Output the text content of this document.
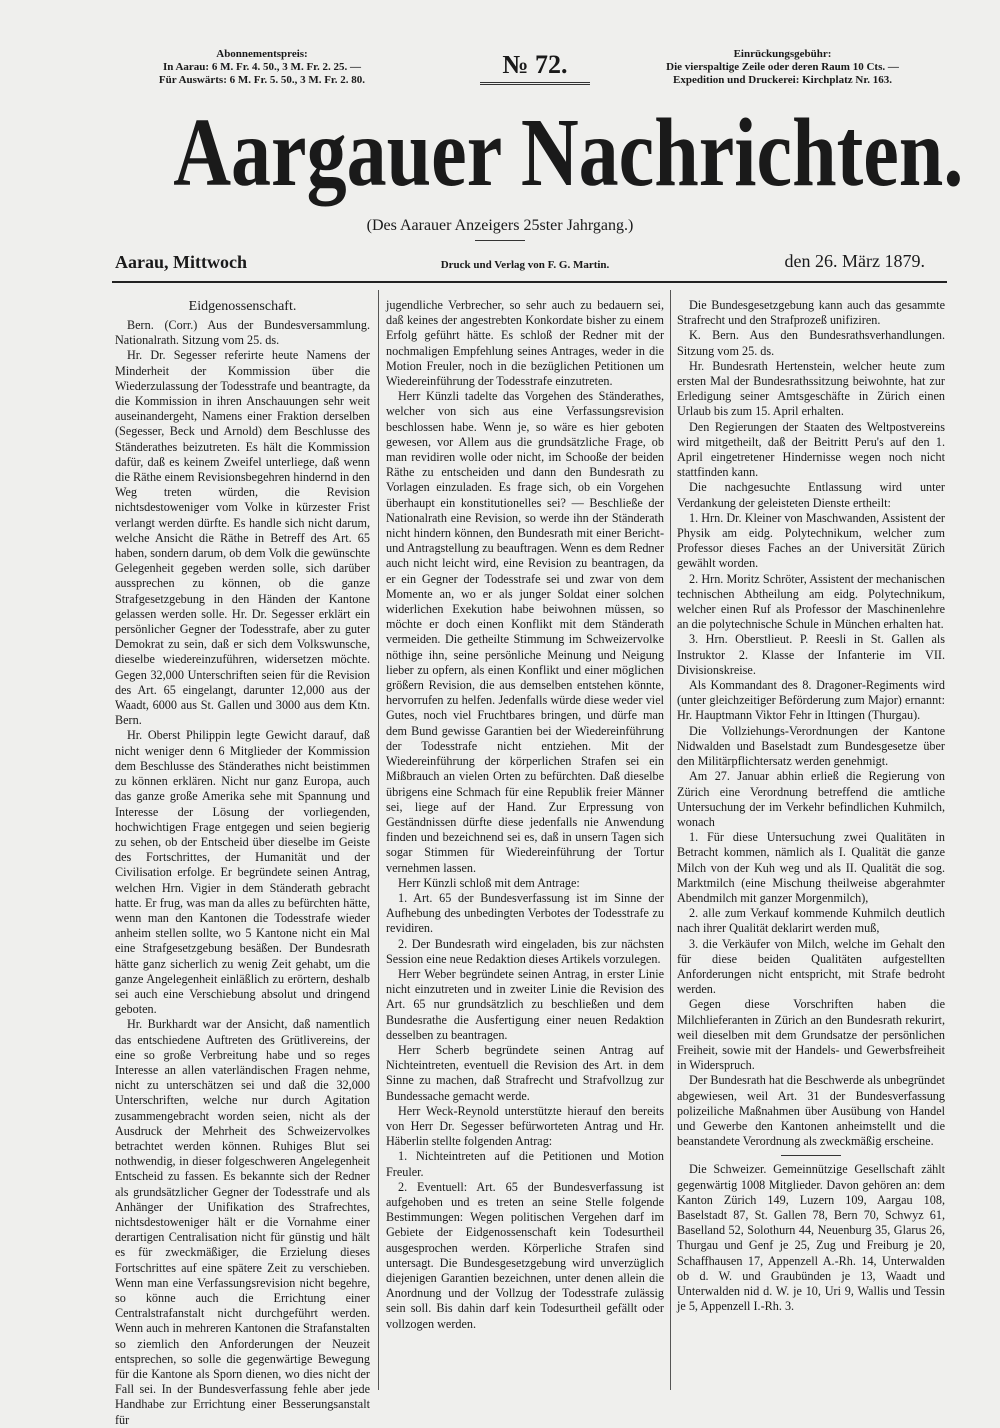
Abonnementspreis:
In Aarau: 6 M. Fr. 4. 50., 3 M. Fr. 2. 25. —
Für Auswärts: 6 M. Fr. 5. 50., 3 M. Fr. 2. 80.
№ 72.	Einrückungsgebühr:
Die vierspaltige Zeile oder deren Raum 10 Cts. —
Expedition und Druckerei: Kirchplatz Nr. 163.
Aargauer Nachrichten.
(Des Aarauer Anzeigers 25ster Jahrgang.)
Aarau, Mittwoch	Druck und Verlag von F. G. Martin.	den 26. März 1879.
Eidgenossenschaft.

Bern. (Corr.) Aus der Bundesversammlung. Nationalrath. Sitzung vom 25. ds.

Hr. Dr. Segesser referirte heute Namens der Minderheit der Kommission über die Wiederzulassung der Todesstrafe und beantragte, da die Kommission in ihren Anschauungen sehr weit auseinandergeht, Namens einer Fraktion derselben (Segesser, Beck und Arnold) dem Beschlusse des Ständerathes beizutreten. Es hält die Kommission dafür, daß es keinem Zweifel unterliege, daß wenn die Räthe einem Revisionsbegehren hindernd in den Weg treten würden, die Revision nichtsdestoweniger vom Volke in kürzester Frist verlangt werden dürfte. Es handle sich nicht darum, welche Ansicht die Räthe in Betreff des Art. 65 haben, sondern darum, ob dem Volk die gewünschte Gelegenheit gegeben werden solle, sich darüber aussprechen zu können, ob die ganze Strafgesetzgebung in den Händen der Kantone gelassen werden solle. Hr. Dr. Segesser erklärt ein persönlicher Gegner der Todesstrafe, aber zu guter Demokrat zu sein, daß er sich dem Volkswunsche, dieselbe wiedereinzuführen, widersetzen möchte. Gegen 32,000 Unterschriften seien für die Revision des Art. 65 eingelangt, darunter 12,000 aus der Waadt, 6000 aus St. Gallen und 3000 aus dem Ktn. Bern.

Hr. Oberst Philippin legte Gewicht darauf, daß nicht weniger denn 6 Mitglieder der Kommission dem Beschlusse des Ständerathes nicht beistimmen zu können erklären. Nicht nur ganz Europa, auch das ganze große Amerika sehe mit Spannung und Interesse der Lösung der vorliegenden, hochwichtigen Frage entgegen und seien begierig zu sehen, ob der Entscheid über dieselbe im Geiste des Fortschrittes, der Humanität und der Civilisation erfolge. Er begründete seinen Antrag, welchen Hrn. Vigier in dem Ständerath gebracht hatte. Er frug, was man da alles zu befürchten hätte, wenn man den Kantonen die Todesstrafe wieder anheim stellen sollte, wo 5 Kantone nicht ein Mal eine Strafgesetzgebung besäßen. Der Bundesrath hätte ganz sicherlich zu wenig Zeit gehabt, um die ganze Angelegenheit einläßlich zu erörtern, deshalb sei auch eine Verschiebung absolut und dringend geboten.

Hr. Burkhardt war der Ansicht, daß namentlich das entschiedene Auftreten des Grütlivereins, der eine so große Verbreitung habe und so reges Interesse an allen vaterländischen Fragen nehme, nicht zu unterschätzen sei und daß die 32,000 Unterschriften, welche nur durch Agitation zusammengebracht worden seien, nicht als der Ausdruck der Mehrheit des Schweizervolkes betrachtet werden können. Ruhiges Blut sei nothwendig, in dieser folgeschweren Angelegenheit Entscheid zu fassen. Es bekannte sich der Redner als grundsätzlicher Gegner der Todesstrafe und als Anhänger der Unifikation des Strafrechtes, nichtsdestoweniger hält er die Vornahme einer derartigen Centralisation nicht für günstig und hält es für zweckmäßiger, die Erzielung dieses Fortschrittes auf eine spätere Zeit zu verschieben. Wenn man eine Verfassungsrevision nicht begehre, so könne auch die Errichtung einer Centralstrafanstalt nicht durchgeführt werden. Wenn auch in mehreren Kantonen die Strafanstalten so ziemlich den Anforderungen der Neuzeit entsprechen, so solle die gegenwärtige Bewegung für die Kantone als Sporn dienen, wo dies nicht der Fall sei. In der Bundesverfassung fehle aber jede Handhabe zur Errichtung einer Besserungsanstalt für

jugendliche Verbrecher, so sehr auch zu bedauern sei, daß keines der angestrebten Konkordate bisher zu einem Erfolg geführt hätte. Es schloß der Redner mit der nochmaligen Empfehlung seines Antrages, weder in die Motion Freuler, noch in die bezüglichen Petitionen um Wiedereinführung der Todesstrafe einzutreten.

Herr Künzli tadelte das Vorgehen des Ständerathes, welcher von sich aus eine Verfassungsrevision beschlossen habe. Wenn je, so wäre es hier geboten gewesen, vor Allem aus die grundsätzliche Frage, ob man revidiren wolle oder nicht, im Schooße der beiden Räthe zu entscheiden und dann den Bundesrath zu Vorlagen einzuladen. Es frage sich, ob ein Vorgehen überhaupt ein konstitutionelles sei? — Beschließe der Nationalrath eine Revision, so werde ihn der Ständerath nicht hindern können, den Bundesrath mit einer Bericht- und Antragstellung zu beauftragen. Wenn es dem Redner auch nicht leicht wird, eine Revision zu beantragen, da er ein Gegner der Todesstrafe sei und zwar von dem Momente an, wo er als junger Soldat einer solchen widerlichen Exekution habe beiwohnen müssen, so möchte er doch einen Konflikt mit dem Ständerath vermeiden. Die getheilte Stimmung im Schweizervolke nöthige ihn, seine persönliche Meinung und Neigung lieber zu opfern, als einen Konflikt und einer möglichen größern Revision, die aus demselben entstehen könnte, hervorrufen zu helfen. Jedenfalls würde diese weder viel Gutes, noch viel Fruchtbares bringen, und dürfe man dem Bund gewisse Garantien bei der Wiedereinführung der Todesstrafe nicht entziehen. Mit der Wiedereinführung der körperlichen Strafen sei ein Mißbrauch an vielen Orten zu befürchten. Daß dieselbe übrigens eine Schmach für eine Republik freier Männer sei, liege auf der Hand. Zur Erpressung von Geständnissen dürfte diese jedenfalls nie Anwendung finden und bezeichnend sei es, daß in unsern Tagen sich sogar Stimmen für Wiedereinführung der Tortur vernehmen lassen.

Herr Künzli schloß mit dem Antrage:

1. Art. 65 der Bundesverfassung ist im Sinne der Aufhebung des unbedingten Verbotes der Todesstrafe zu revidiren.

2. Der Bundesrath wird eingeladen, bis zur nächsten Session eine neue Redaktion dieses Artikels vorzulegen.

Herr Weber begründete seinen Antrag, in erster Linie nicht einzutreten und in zweiter Linie die Revision des Art. 65 nur grundsätzlich zu beschließen und dem Bundesrathe die Ausfertigung einer neuen Redaktion desselben zu beantragen.

Herr Scherb begründete seinen Antrag auf Nichteintreten, eventuell die Revision des Art. in dem Sinne zu machen, daß Strafrecht und Strafvollzug zur Bundessache gemacht werde.

Herr Weck-Reynold unterstützte hierauf den bereits von Herr Dr. Segesser befürworteten Antrag und Hr. Häberlin stellte folgenden Antrag:

1. Nichteintreten auf die Petitionen und Motion Freuler.

2. Eventuell: Art. 65 der Bundesverfassung ist aufgehoben und es treten an seine Stelle folgende Bestimmungen: Wegen politischen Vergehen darf im Gebiete der Eidgenossenschaft kein Todesurtheil ausgesprochen werden. Körperliche Strafen sind untersagt. Die Bundesgesetzgebung wird unverzüglich diejenigen Garantien bezeichnen, unter denen allein die Anordnung und der Vollzug der Todesstrafe zulässig sein soll. Bis dahin darf kein Todesurtheil gefällt oder vollzogen werden.

Die Bundesgesetzgebung kann auch das gesammte Strafrecht und den Strafprozeß unifiziren.

K. Bern. Aus den Bundesrathsverhandlungen. Sitzung vom 25. ds.

Hr. Bundesrath Hertenstein, welcher heute zum ersten Mal der Bundesrathssitzung beiwohnte, hat zur Erledigung seiner Amtsgeschäfte in Zürich einen Urlaub bis zum 15. April erhalten.

Den Regierungen der Staaten des Weltpostvereins wird mitgetheilt, daß der Beitritt Peru's auf den 1. April eingetretener Hindernisse wegen noch nicht stattfinden kann.

Die nachgesuchte Entlassung wird unter Verdankung der geleisteten Dienste ertheilt:

1. Hrn. Dr. Kleiner von Maschwanden, Assistent der Physik am eidg. Polytechnikum, welcher zum Professor dieses Faches an der Universität Zürich gewählt worden.

2. Hrn. Moritz Schröter, Assistent der mechanischen technischen Abtheilung am eidg. Polytechnikum, welcher einen Ruf als Professor der Maschinenlehre an die polytechnische Schule in München erhalten hat.

3. Hrn. Oberstlieut. P. Reesli in St. Gallen als Instruktor 2. Klasse der Infanterie im VII. Divisionskreise.

Als Kommandant des 8. Dragoner-Regiments wird (unter gleichzeitiger Beförderung zum Major) ernannt: Hr. Hauptmann Viktor Fehr in Ittingen (Thurgau).

Die Vollziehungs-Verordnungen der Kantone Nidwalden und Baselstadt zum Bundesgesetze über den Militärpflichtersatz werden genehmigt.

Am 27. Januar abhin erließ die Regierung von Zürich eine Verordnung betreffend die amtliche Untersuchung der im Verkehr befindlichen Kuhmilch, wonach

1. Für diese Untersuchung zwei Qualitäten in Betracht kommen, nämlich als I. Qualität die ganze Milch von der Kuh weg und als II. Qualität die sog. Marktmilch (eine Mischung theilweise abgerahmter Abendmilch mit ganzer Morgenmilch),

2. alle zum Verkauf kommende Kuhmilch deutlich nach ihrer Qualität deklarirt werden muß,

3. die Verkäufer von Milch, welche im Gehalt den für diese beiden Qualitäten aufgestellten Anforderungen nicht entspricht, mit Strafe bedroht werden.

Gegen diese Vorschriften haben die Milchlieferanten in Zürich an den Bundesrath rekurirt, weil dieselben mit dem Grundsatze der persönlichen Freiheit, sowie mit der Handels- und Gewerbsfreiheit in Widerspruch.

Der Bundesrath hat die Beschwerde als unbegründet abgewiesen, weil Art. 31 der Bundesverfassung polizeiliche Maßnahmen über Ausübung von Handel und Gewerbe den Kantonen anheimstellt und die beanstandete Verordnung als zweckmäßig erscheine.

Die Schweizer. Gemeinnützige Gesellschaft zählt gegenwärtig 1008 Mitglieder. Davon gehören an: dem Kanton Zürich 149, Luzern 109, Aargau 108, Baselstadt 87, St. Gallen 78, Bern 70, Schwyz 61, Baselland 52, Solothurn 44, Neuenburg 35, Glarus 26, Thurgau und Genf je 25, Zug und Freiburg je 20, Schaffhausen 17, Appenzell A.-Rh. 14, Unterwalden ob d. W. und Graubünden je 13, Waadt und Unterwalden nid d. W. je 10, Uri 9, Wallis und Tessin je 5, Appenzell I.-Rh. 3.
